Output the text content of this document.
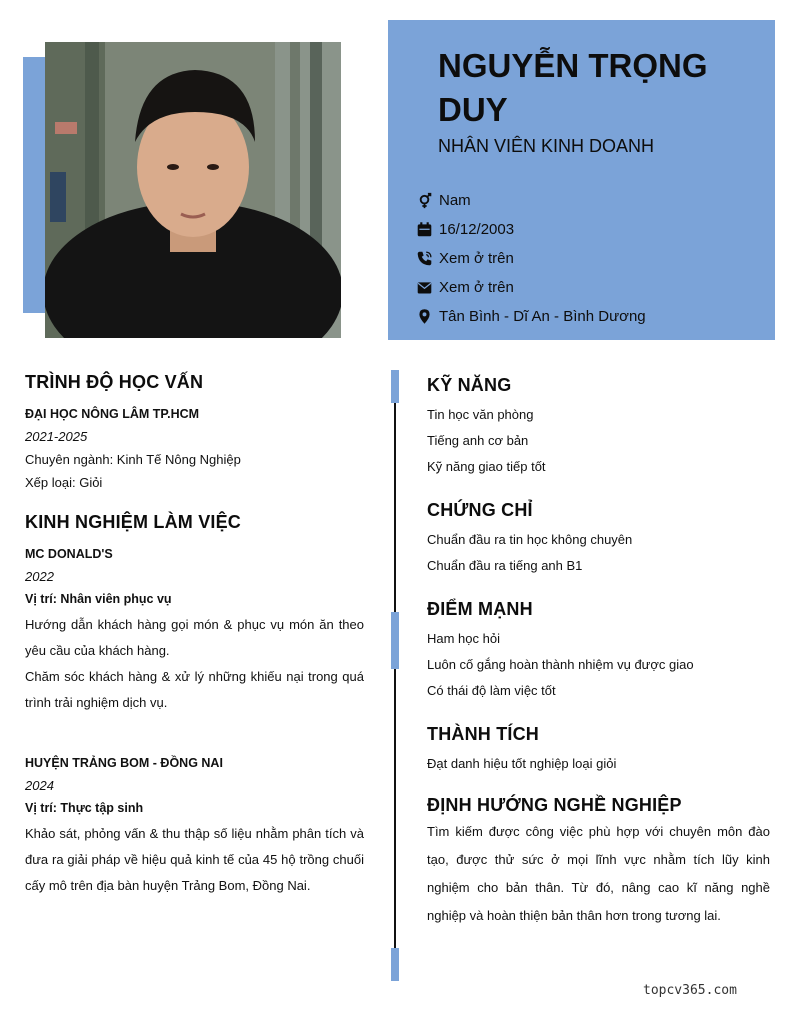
NGUYỄN TRỌNG DUY
NHÂN VIÊN KINH DOANH
Nam
16/12/2003
Xem ở trên
Xem ở trên
Tân Bình - Dĩ An - Bình Dương
TRÌNH ĐỘ HỌC VẤN
ĐẠI HỌC NÔNG LÂM TP.HCM
2021-2025
Chuyên ngành: Kinh Tế Nông Nghiệp
Xếp loại: Giỏi
KINH NGHIỆM LÀM VIỆC
MC DONALD'S
2022
Vị trí: Nhân viên phục vụ
Hướng dẫn khách hàng gọi món & phục vụ món ăn theo yêu cầu của khách hàng.
Chăm sóc khách hàng & xử lý những khiếu nại trong quá trình trải nghiệm dịch vụ.
HUYỆN TRẢNG BOM - ĐỒNG NAI
2024
Vị trí: Thực tập sinh
Khảo sát, phỏng vấn & thu thập số liệu nhằm phân tích và đưa ra giải pháp về hiệu quả kinh tế của 45 hộ trồng chuối cấy mô trên địa bàn huyện Trảng Bom, Đồng Nai.
KỸ NĂNG
Tin học văn phòng
Tiếng anh cơ bản
Kỹ năng giao tiếp tốt
CHỨNG CHỈ
Chuẩn đầu ra tin học không chuyên
Chuẩn đầu ra tiếng anh B1
ĐIỂM MẠNH
Ham học hỏi
Luôn cố gắng hoàn thành nhiệm vụ được giao
Có thái độ làm việc tốt
THÀNH TÍCH
Đạt danh hiệu tốt nghiệp loại giỏi
ĐỊNH HƯỚNG NGHỀ NGHIỆP
Tìm kiếm được công việc phù hợp với chuyên môn đào tạo, được thử sức ở mọi lĩnh vực nhằm tích lũy kinh nghiệm cho bản thân. Từ đó, nâng cao kĩ năng nghề nghiệp và hoàn thiện bản thân hơn trong tương lai.
topcv365.com
